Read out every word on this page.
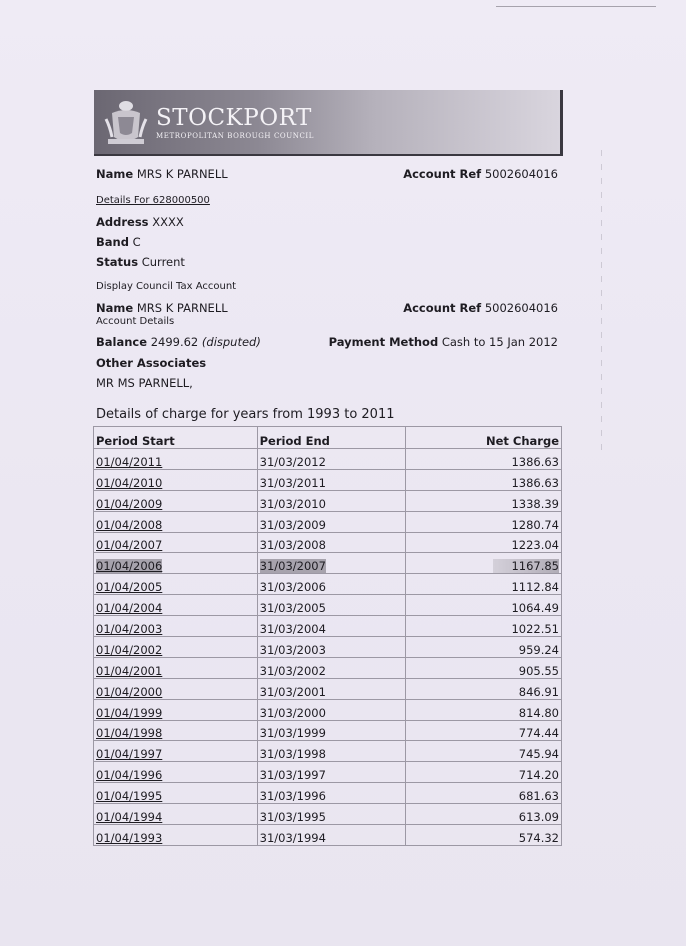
STOCKPORT
METROPOLITAN BOROUGH COUNCIL
Name MRS K PARNELL	Account Ref 5002604016
Details For 628000500
Address XXXX
Band C
Status Current
Display Council Tax Account
Name MRS K PARNELL	Account Ref 5002604016
Account Details
Balance 2499.62 (disputed)	Payment Method Cash to 15 Jan 2012
Other Associates
MR MS PARNELL,
Details of charge for years from 1993 to 2011
Period Start	Period End	Net Charge
01/04/2011	31/03/2012	1386.63
01/04/2010	31/03/2011	1386.63
01/04/2009	31/03/2010	1338.39
01/04/2008	31/03/2009	1280.74
01/04/2007	31/03/2008	1223.04
01/04/2006	31/03/2007	1167.85
01/04/2005	31/03/2006	1112.84
01/04/2004	31/03/2005	1064.49
01/04/2003	31/03/2004	1022.51
01/04/2002	31/03/2003	959.24
01/04/2001	31/03/2002	905.55
01/04/2000	31/03/2001	846.91
01/04/1999	31/03/2000	814.80
01/04/1998	31/03/1999	774.44
01/04/1997	31/03/1998	745.94
01/04/1996	31/03/1997	714.20
01/04/1995	31/03/1996	681.63
01/04/1994	31/03/1995	613.09
01/04/1993	31/03/1994	574.32
